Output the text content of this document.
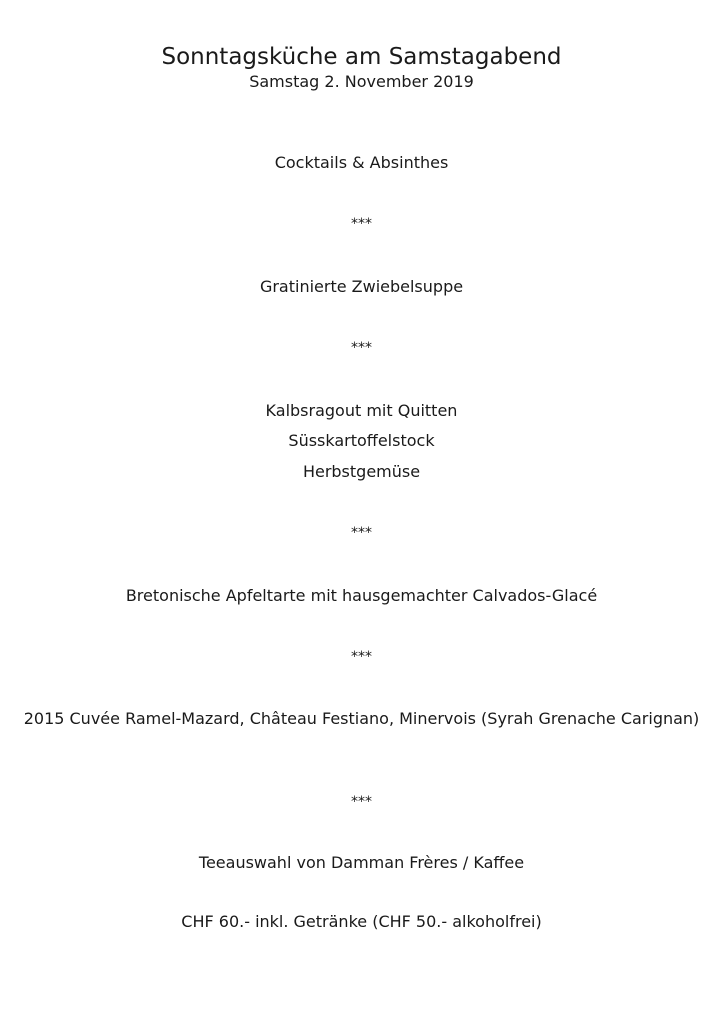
Sonntagsküche am Samstagabend
Samstag 2. November 2019
Cocktails & Absinthes
***
Gratinierte Zwiebelsuppe
***
Kalbsragout mit Quitten
Süsskartoffelstock
Herbstgemüse
***
Bretonische Apfeltarte mit hausgemachter Calvados-Glacé
***
2015 Cuvée Ramel-Mazard, Château Festiano, Minervois (Syrah Grenache Carignan)
***
Teeauswahl von Damman Frères / Kaffee
CHF 60.- inkl. Getränke (CHF 50.- alkoholfrei)
